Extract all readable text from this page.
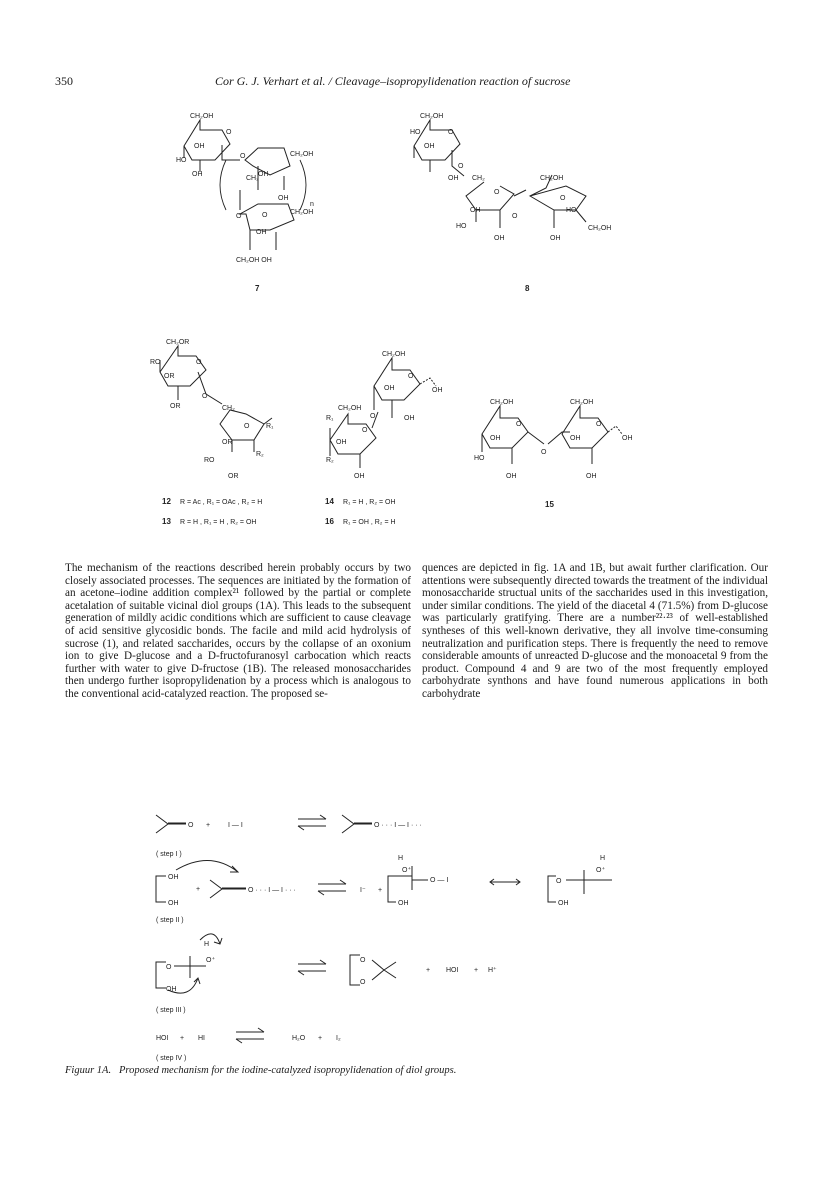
350	Cor G. J. Verhart et al. / Cleavage–isopropylidenation reaction of sucrose
CH₂OH
O
OH
HO
OH
O	CH₂OH
OH
CH₂
OH
n
O	O	CH₂OH
OH
CH₂OH OH
7
CH₂OH
HO	O
OH
O
OH CH₂	CH₂OH
O
O
OH	HO
HO
O
CH₂OH
OH	OH
8
CH₂OR
RO	O
OR
O
OR	CH₂
O R₁
OR
R₂
RO
OR
12 R = Ac , R₁ = OAc , R₂ = H
13 R = H , R₁ = H , R₂ = OH
CH₂OH
O
OH	OH
CH₂OH
OH
R₁	O
O
OH
R₂
OH
14 R₁ = H , R₂ = OH
16 R₁ = OH , R₂ = H
CH₂OH	CH₂OH
O	O
OH	OH	OH
O
HO
OH	OH
15
O +	I — I	O · · · I — I · · ·
( step I )
OH
OH
+	O · · · I — I · · ·	I⁻ +
H
O⁺
O — I
OH
O
H
O⁺
OH
( step II )
O
H
O⁺
OH
O
O
+ HOI + H⁺
( step III )
HOI + HI	H₂O + I₂
( step IV )

The mechanism of the reactions described herein probably occurs by two closely associated processes. The sequences are initiated by the formation of an acetone–iodine addition complex²¹ followed by the partial or complete acetalation of suitable vicinal diol groups (1A). This leads to the subsequent generation of mildly acidic conditions which are sufficient to cause cleavage of acid sensitive glycosidic bonds. The facile and mild acid hydrolysis of sucrose (1), and related saccharides, occurs by the collapse of an oxonium ion to give D-glucose and a D-fructofuranosyl carbocation which reacts further with water to give D-fructose (1B). The released monosaccharides then undergo further isopropylidenation by a process which is analogous to the conventional acid-catalyzed reaction. The proposed se-

quences are depicted in fig. 1A and 1B, but await further clarification. Our attentions were subsequently directed towards the treatment of the individual monosaccharide structual units of the saccharides used in this investigation, under similar conditions. The yield of the diacetal 4 (71.5%) from D-glucose was particularly gratifying. There are a number²²·²³ of well-established syntheses of this well-known derivative, they all involve time-consuming neutralization and purification steps. There is frequently the need to remove considerable amounts of unreacted D-glucose and the monoacetal 9 from the product. Compound 4 and 9 are two of the most frequently employed carbohydrate synthons and have found numerous applications in both carbohydrate

Figuur 1A. Proposed mechanism for the iodine-catalyzed isopropylidenation of diol groups.
